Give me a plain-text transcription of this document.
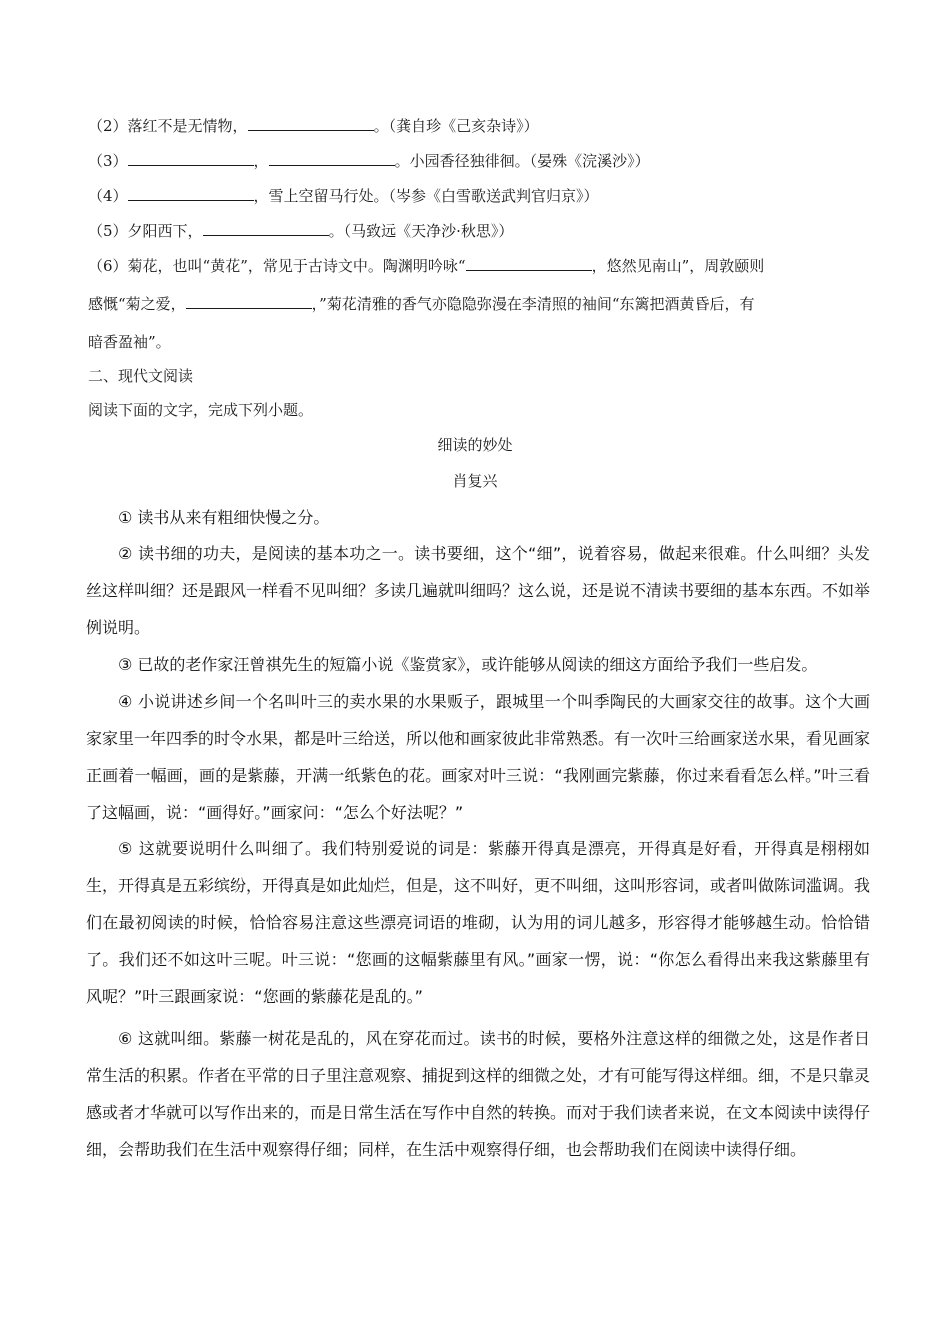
（2）落红不是无情物，	。（龚自珍《己亥杂诗》）
（3）	，	。小园香径独徘徊。（晏殊《浣溪沙》）
（4）	，雪上空留马行处。（岑参《白雪歌送武判官归京》）
（5）夕阳西下，	。（马致远《天净沙·秋思》）
（6）菊花，也叫“黄花”，常见于古诗文中。陶渊明吟咏“	，悠然见南山”，周敦颐则
感慨“菊之爱，	，”菊花清雅的香气亦隐隐弥漫在李清照的袖间“东篱把酒黄昏后，有
暗香盈袖”。
二、现代文阅读
阅读下面的文字，完成下列小题。
细读的妙处
肖复兴
① 读书从来有粗细快慢之分。
② 读书细的功夫，是阅读的基本功之一。读书要细，这个“细”，说着容易，做起来很难。什么叫细？头发丝这样叫细？还是跟风一样看不见叫细？多读几遍就叫细吗？这么说，还是说不清读书要细的基本东西。不如举例说明。
③ 已故的老作家汪曾祺先生的短篇小说《鉴赏家》，或许能够从阅读的细这方面给予我们一些启发。
④ 小说讲述乡间一个名叫叶三的卖水果的水果贩子，跟城里一个叫季陶民的大画家交往的故事。这个大画家家里一年四季的时令水果，都是叶三给送，所以他和画家彼此非常熟悉。有一次叶三给画家送水果，看见画家正画着一幅画，画的是紫藤，开满一纸紫色的花。画家对叶三说：“我刚画完紫藤，你过来看看怎么样。”叶三看了这幅画，说：“画得好。”画家问：“怎么个好法呢？”
⑤ 这就要说明什么叫细了。我们特别爱说的词是：紫藤开得真是漂亮，开得真是好看，开得真是栩栩如生，开得真是五彩缤纷，开得真是如此灿烂，但是，这不叫好，更不叫细，这叫形容词，或者叫做陈词滥调。我们在最初阅读的时候，恰恰容易注意这些漂亮词语的堆砌，认为用的词儿越多，形容得才能够越生动。恰恰错了。我们还不如这叶三呢。叶三说：“您画的这幅紫藤里有风。”画家一愣，说：“你怎么看得出来我这紫藤里有风呢？”叶三跟画家说：“您画的紫藤花是乱的。”
⑥ 这就叫细。紫藤一树花是乱的，风在穿花而过。读书的时候，要格外注意这样的细微之处，这是作者日常生活的积累。作者在平常的日子里注意观察、捕捉到这样的细微之处，才有可能写得这样细。细，不是只靠灵感或者才华就可以写作出来的，而是日常生活在写作中自然的转换。而对于我们读者来说，在文本阅读中读得仔细，会帮助我们在生活中观察得仔细；同样，在生活中观察得仔细，也会帮助我们在阅读中读得仔细。
